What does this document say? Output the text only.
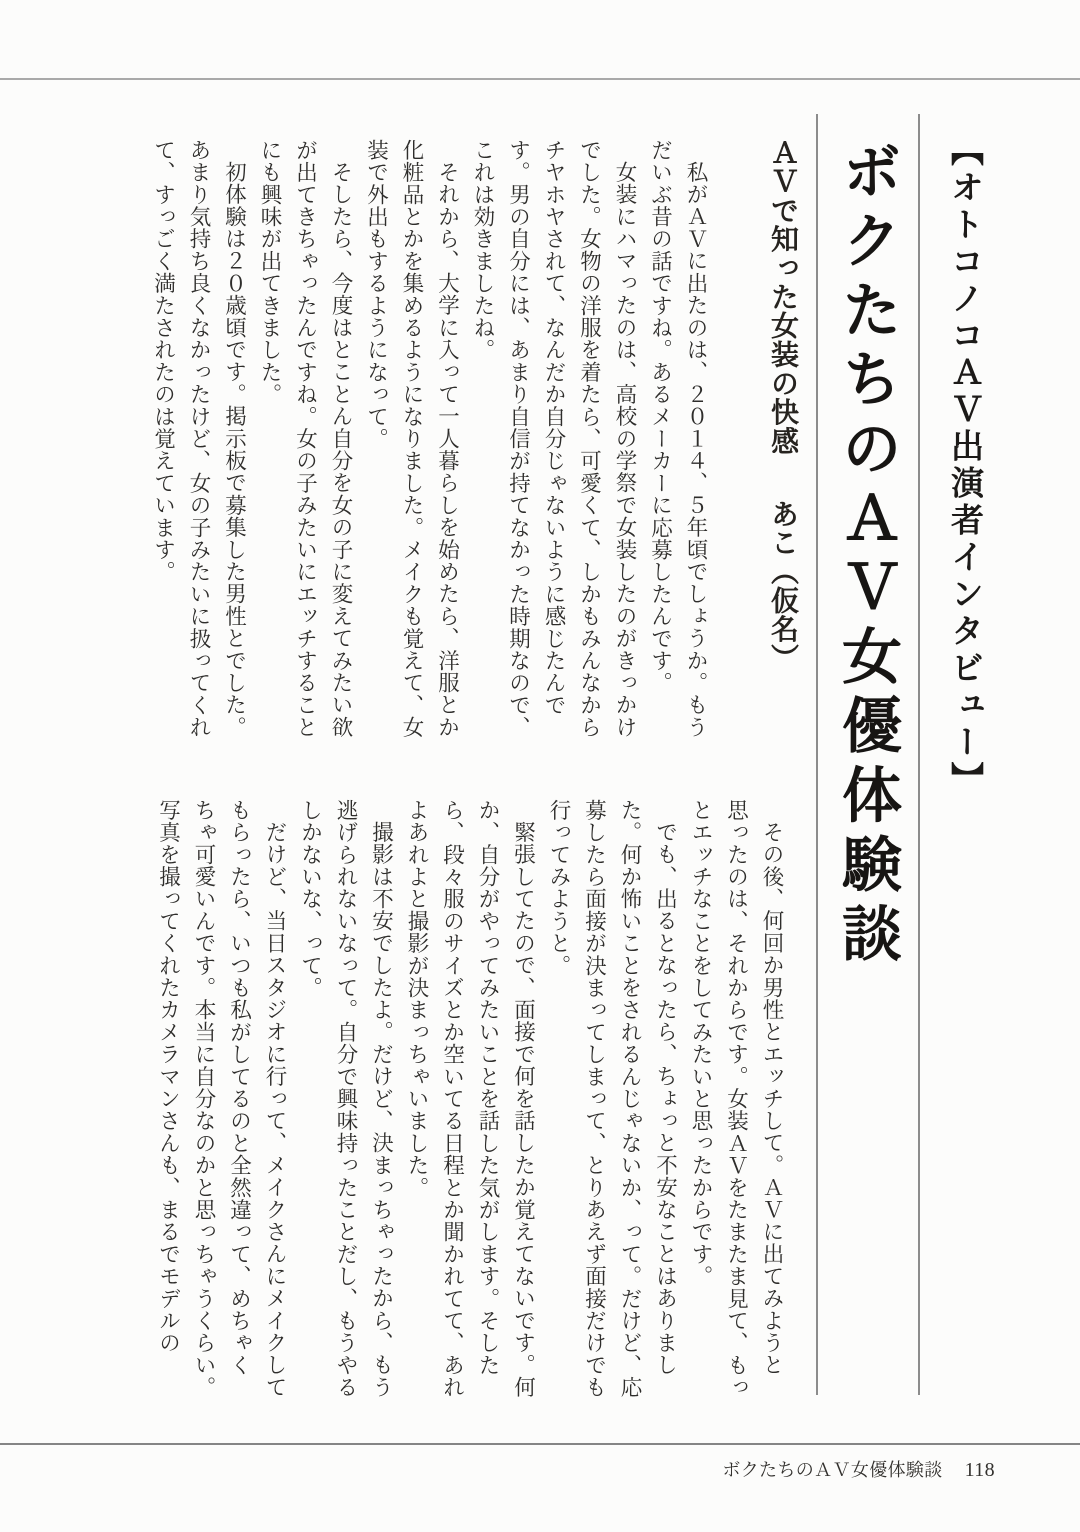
【オトコノコＡＶ出演者インタビュー】

ボクたちのＡＶ女優体験談
ＡＶで知った女装の快感あこ（仮名）

私がＡＶに出たのは、２０１４、５年頃でしょうか。もうだいぶ昔の話ですね。あるメーカーに応募したんです。

女装にハマったのは、高校の学祭で女装したのがきっかけでした。女物の洋服を着たら、可愛くて、しかもみんなからチヤホヤされて、なんだか自分じゃないように感じたんです。男の自分には、あまり自信が持てなかった時期なので、これは効きましたね。

それから、大学に入って一人暮らしを始めたら、洋服とか化粧品とかを集めるようになりました。メイクも覚えて、女装で外出もするようになって。

そしたら、今度はとことん自分を女の子に変えてみたい欲が出てきちゃったんですね。女の子みたいにエッチすることにも興味が出てきました。

初体験は２０歳頃です。掲示板で募集した男性とでした。あまり気持ち良くなかったけど、女の子みたいに扱ってくれて、すっごく満たされたのは覚えています。

その後、何回か男性とエッチして。ＡＶに出てみようと思ったのは、それからです。女装ＡＶをたまたま見て、もっとエッチなことをしてみたいと思ったからです。

でも、出るとなったら、ちょっと不安なことはありました。何か怖いことをされるんじゃないか、って。だけど、応募したら面接が決まってしまって、とりあえず面接だけでも行ってみようと。

緊張してたので、面接で何を話したか覚えてないです。何か、自分がやってみたいことを話した気がします。そしたら、段々服のサイズとか空いてる日程とか聞かれてて、あれよあれよと撮影が決まっちゃいました。

撮影は不安でしたよ。だけど、決まっちゃったから、もう逃げられないなって。自分で興味持ったことだし、もうやるしかないな、って。

だけど、当日スタジオに行って、メイクさんにメイクしてもらったら、いつも私がしてるのと全然違って、めちゃくちゃ可愛いんです。本当に自分なのかと思っちゃうくらい。写真を撮ってくれたカメラマンさんも、まるでモデルの

ボクたちのＡＶ女優体験談 118
